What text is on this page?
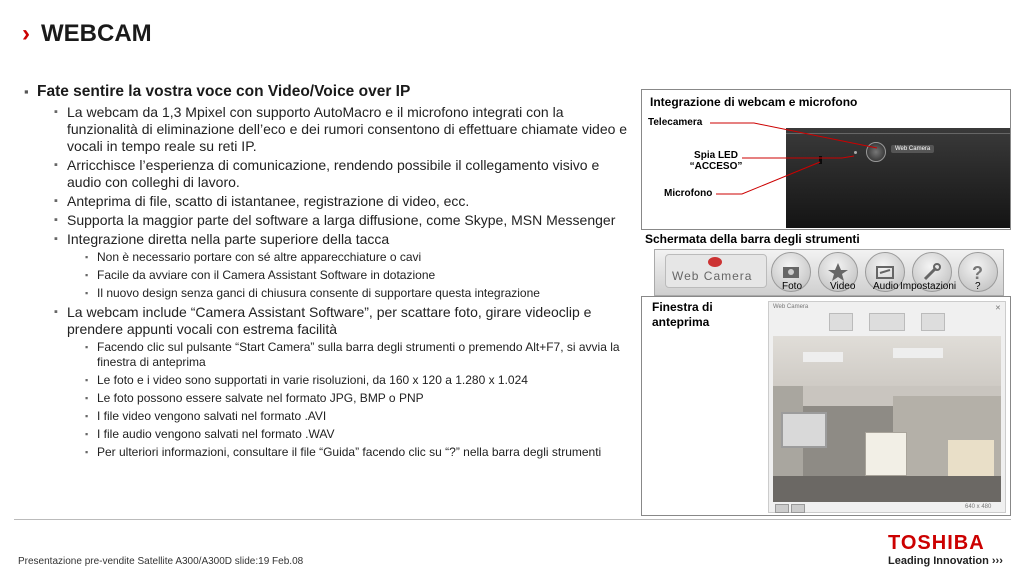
› WEBCAM
▪ Fate sentire la vostra voce con Video/Voice over IP
▪ La webcam da 1,3 Mpixel con supporto AutoMacro e il microfono integrati con la funzionalità di eliminazione dell’eco e dei rumori consentono di effettuare chiamate video e vocali in tempo reale su reti IP.
▪ Arricchisce l’esperienza di comunicazione, rendendo possibile il collegamento visivo e audio con colleghi di lavoro.
▪ Anteprima di file, scatto di istantanee, registrazione di video, ecc.
▪ Supporta la maggior parte del software a larga diffusione, come Skype, MSN Messenger
▪ Integrazione diretta nella parte superiore della tacca
▪ Non è necessario portare con sé altre apparecchiature o cavi
▪ Facile da avviare con il Camera Assistant Software in dotazione
▪ Il nuovo design senza ganci di chiusura consente di supportare questa integrazione
▪ La webcam include “Camera Assistant Software”, per scattare foto, girare videoclip e prendere appunti vocali con estrema facilità
▪ Facendo clic sul pulsante “Start Camera” sulla barra degli strumenti o premendo Alt+F7, si avvia la finestra di anteprima
▪ Le foto e i video sono supportati in varie risoluzioni, da 160 x 120 a 1.280 x 1.024
▪ Le foto possono essere salvate nel formato JPG, BMP o PNP
▪ I file video vengono salvati nel formato .AVI
▪ I file audio vengono salvati nel formato .WAV
▪ Per ulteriori informazioni, consultare il file “Guida” facendo clic su “?” nella barra degli strumenti
Integrazione di webcam e microfono
Telecamera
Spia LED
“ACCESO”
Microfono
Web Camera
Schermata della barra degli strumenti
Web Camera	?
Foto	Video Audio Impostazioni ?
Finestra di
anteprima
Web Camera	✕
640 x 480
Presentazione pre-vendite Satellite A300/A300D slide:19 Feb.08
TOSHIBA
Leading Innovation ›››
